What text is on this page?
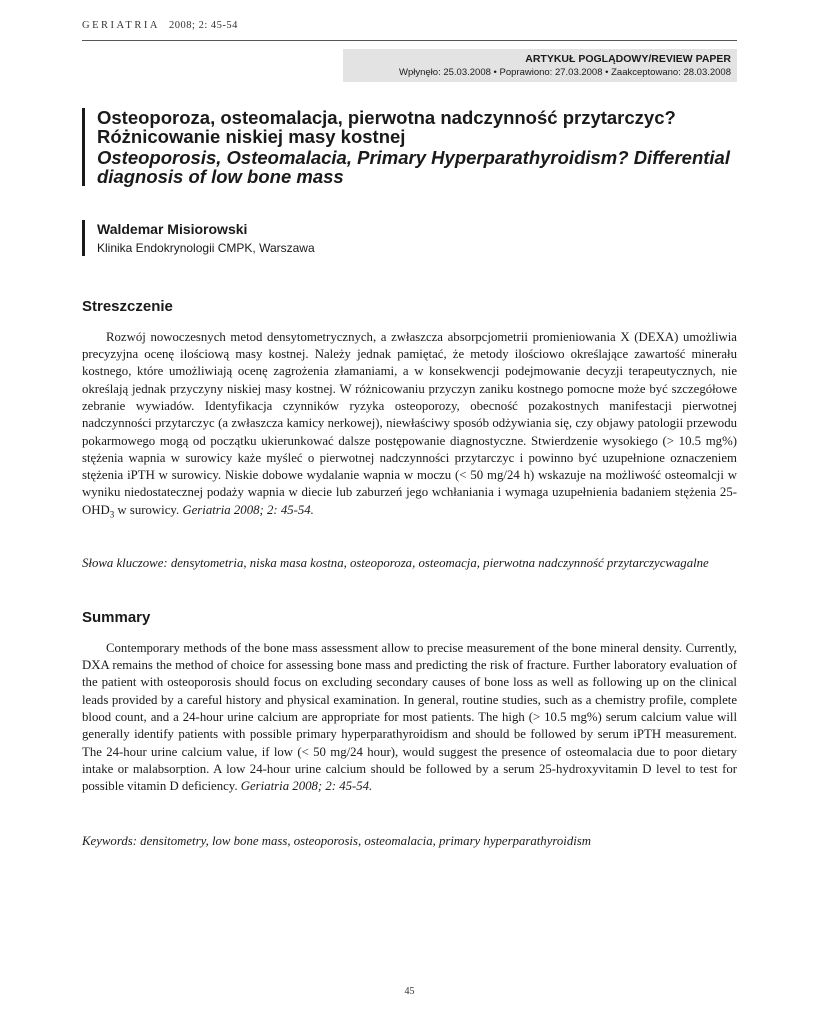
GERIATRIA 2008; 2: 45-54
ARTYKUŁ POGLĄDOWY/REVIEW PAPER
Wpłynęło: 25.03.2008 • Poprawiono: 27.03.2008 • Zaakceptowano: 28.03.2008
Osteoporoza, osteomalacja, pierwotna nadczynność przytarczyc? Różnicowanie niskiej masy kostnej
Osteoporosis, Osteomalacia, Primary Hyperparathyroidism? Differential diagnosis of low bone mass
Waldemar Misiorowski
Klinika Endokrynologii CMPK, Warszawa
Streszczenie

Rozwój nowoczesnych metod densytometrycznych, a zwłaszcza absorpcjometrii promieniowania X (DEXA) umożliwia precyzyjna ocenę ilościową masy kostnej. Należy jednak pamiętać, że metody ilościowo określające zawartość minerału kostnego, które umożliwiają ocenę zagrożenia złamaniami, a w konsekwencji podejmowanie decyzji terapeutycznych, nie określają jednak przyczyny niskiej masy kostnej. W różnicowaniu przyczyn zaniku kostnego pomocne może być szczegółowe zebranie wywiadów. Identyfikacja czynników ryzyka osteoporozy, obecność pozakostnych manifestacji pierwotnej nadczynności przytarczyc (a zwłaszcza kamicy nerkowej), niewłaściwy sposób odżywiania się, czy objawy patologii przewodu pokarmowego mogą od początku ukierunkować dalsze postępowanie diagnostyczne. Stwierdzenie wysokiego (> 10.5 mg%) stężenia wapnia w surowicy każe myśleć o pierwotnej nadczynności przytarczyc i powinno być uzupełnione oznaczeniem stężenia iPTH w surowicy. Niskie dobowe wydalanie wapnia w moczu (< 50 mg/24 h) wskazuje na możliwość osteomalcji w wyniku niedostatecznej podaży wapnia w diecie lub zaburzeń jego wchłaniania i wymaga uzupełnienia badaniem stężenia $25-OHD_3$ w surowicy. Geriatria 2008; 2: 45-54.

Słowa kluczowe: densytometria, niska masa kostna, osteoporoza, osteomacja, pierwotna nadczynność przytarczycwagalne

Summary

Contemporary methods of the bone mass assessment allow to precise measurement of the bone mineral density. Currently, DXA remains the method of choice for assessing bone mass and predicting the risk of fracture. Further laboratory evaluation of the patient with osteoporosis should focus on excluding secondary causes of bone loss as well as following up on the clinical leads provided by a careful history and physical examination. In general, routine studies, such as a chemistry profile, complete blood count, and a 24-hour urine calcium are appropriate for most patients. The high (> 10.5 mg%) serum calcium value will generally identify patients with possible primary hyperparathyroidism and should be followed by serum iPTH measurement. The 24-hour urine calcium value, if low (< 50 mg/24 hour), would suggest the presence of osteomalacia due to poor dietary intake or malabsorption. A low 24-hour urine calcium should be followed by a serum 25-hydroxyvitamin D level to test for possible vitamin D deficiency. Geriatria 2008; 2: 45-54.

Keywords: densitometry, low bone mass, osteoporosis, osteomalacia, primary hyperparathyroidism

45
